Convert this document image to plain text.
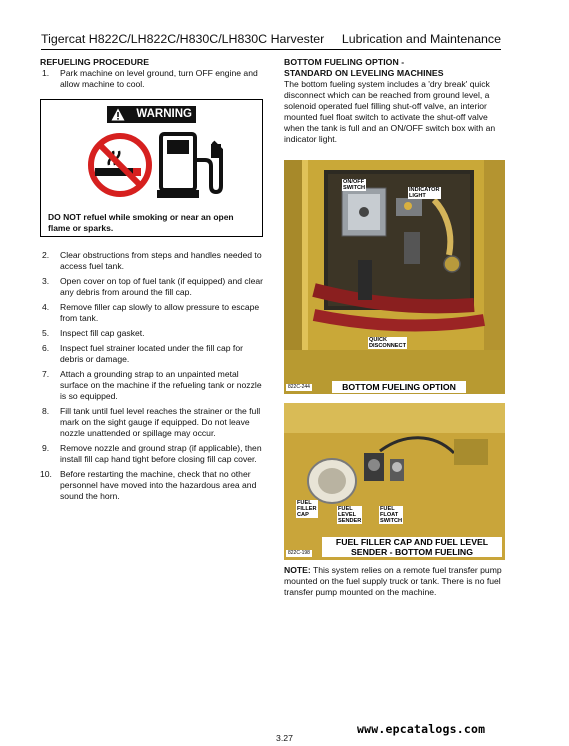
Tigercat H822C/LH822C/H830C/LH830C Harvester Lubrication and Maintenance
REFUELING PROCEDURE
1. Park machine on level ground, turn OFF engine and allow machine to cool.
WARNING
DO NOT refuel while smoking or near an open flame or sparks.
2. Clear obstructions from steps and handles needed to access fuel tank.
3. Open cover on top of fuel tank (if equipped) and clear any debris from around the fill cap.
4. Remove filler cap slowly to allow pressure to escape from tank.
5. Inspect fill cap gasket.
6. Inspect fuel strainer located under the fill cap for debris or damage.
7. Attach a grounding strap to an unpainted metal surface on the machine if the refueling tank or nozzle is so equipped.
8. Fill tank until fuel level reaches the strainer or the full mark on the sight gauge if equipped. Do not leave nozzle unattended or spillage may occur.
9. Remove nozzle and ground strap (if applicable), then install fill cap hand tight before closing fill cap cover.
10. Before restarting the machine, check that no other personnel have moved into the hazardous area and sound the horn.
BOTTOM FUELING OPTION -
STANDARD ON LEVELING MACHINES
The bottom fueling system includes a 'dry break' quick disconnect which can be reached from ground level, a solenoid operated fuel filling shut-off valve, an interior mounted fuel float switch to activate the shut-off valve when the tank is full and an ON/OFF switch box with an indicator light.
ON/OFF
SWITCH	INDICATOR
LIGHT
QUICK
DISCONNECT
822C-244	BOTTOM FUELING OPTION
FUEL
FILLER
CAP
FUEL
LEVEL
SENDER
FUEL
FLOAT
SWITCH
822C-198
FUEL FILLER CAP AND FUEL LEVEL
SENDER - BOTTOM FUELING
NOTE: This system relies on a remote fuel transfer pump mounted on the fuel supply truck or tank. There is no fuel transfer pump mounted on the machine.
www.epcatalogs.com
3.27
